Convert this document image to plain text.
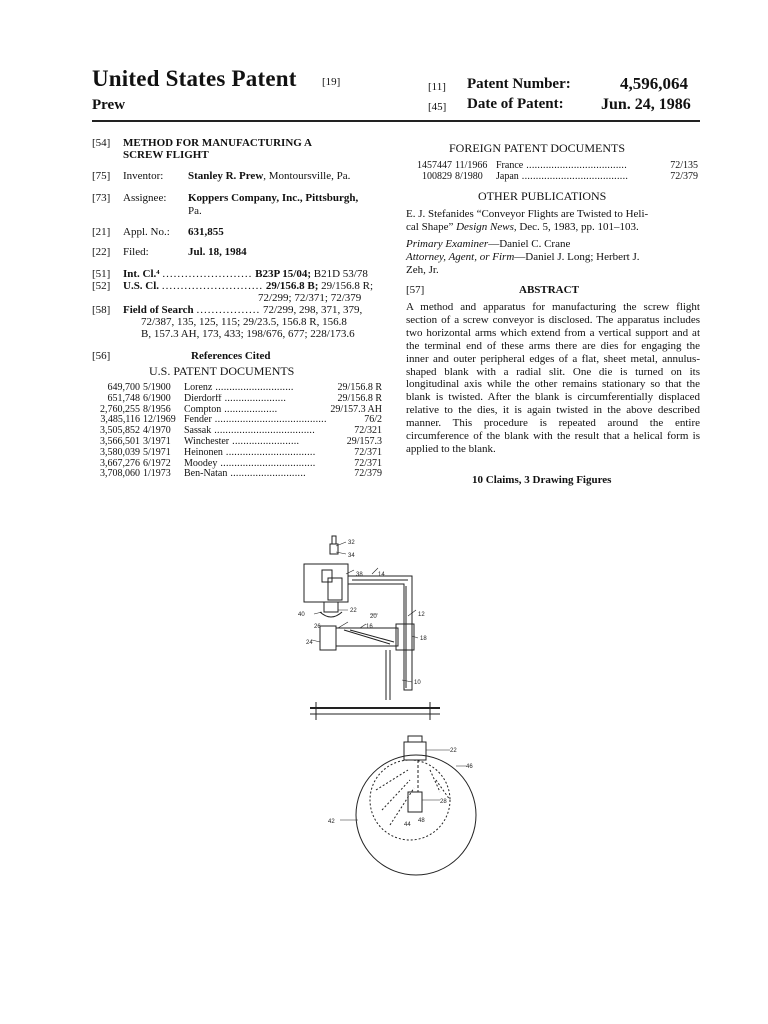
United States Patent [19]
Prew
[11] Patent Number:	4,596,064
[45] Date of Patent: Jun. 24, 1986
[54] METHOD FOR MANUFACTURING A
SCREW FLIGHT
[75] Inventor: Stanley R. Prew, Montoursville, Pa.
[73] Assignee: Koppers Company, Inc., Pittsburgh,
Pa.
[21] Appl. No.: 631,855
[22] Filed:	Jul. 18, 1984
[51] Int. Cl.⁴ ........................ B23P 15/04; B21D 53/78
[52] U.S. Cl. ........................... 29/156.8 B; 29/156.8 R;
72/299; 72/371; 72/379
[58] Field of Search ................. 72/299, 298, 371, 379,
72/387, 135, 125, 115; 29/23.5, 156.8 R, 156.8
B, 157.3 AH, 173, 433; 198/676, 677; 228/173.6
[56]	References Cited
U.S. PATENT DOCUMENTS
649,700 5/1900 Lorenz ............................	29/156.8 R
651,748 6/1900 Dierdorff ......................	29/156.8 R
2,760,255 8/1956 Compton ...................	29/157.3 AH
3,485,116 12/1969 Fender ........................................	76/2
3,505,852 4/1970 Sassak ....................................	72/321
3,566,501 3/1971 Winchester ........................	29/157.3
3,580,039 5/1971 Heinonen ................................	72/371
3,667,276 6/1972 Moodey ..................................	72/371
3,708,060 1/1973 Ben-Natan ...........................	72/379
FOREIGN PATENT DOCUMENTS
1457447 11/1966 France ....................................	72/135
100829 8/1980 Japan ......................................	72/379
OTHER PUBLICATIONS
E. J. Stefanides “Conveyor Flights are Twisted to Heli-
cal Shape” Design News, Dec. 5, 1983, pp. 101–103.
Primary Examiner—Daniel C. Crane
Attorney, Agent, or Firm—Daniel J. Long; Herbert J.
Zeh, Jr.
[57]	ABSTRACT
A method and apparatus for manufacturing the screw flight section of a screw conveyor is disclosed. The apparatus includes two horizontal arms which extend from a vertical support and at the terminal end of these arms there are dies for engaging the inner and outer peripheral edges of a flat, sheet metal, annulus-shaped blank with a radial slit. One die is turned on its longitudinal axis while the other remains stationary so that the blank is twisted. After the blank is circumferentially displaced relative to the dies, it is again twisted in the above described manner. This procedure is repeated around the entire circumference of the blank with the result that a helical form is applied to the blank.
10 Claims, 3 Drawing Figures
32
34
38	14
40
22
20	12
26	16
24
18
10
22
46
28
42	44
48
